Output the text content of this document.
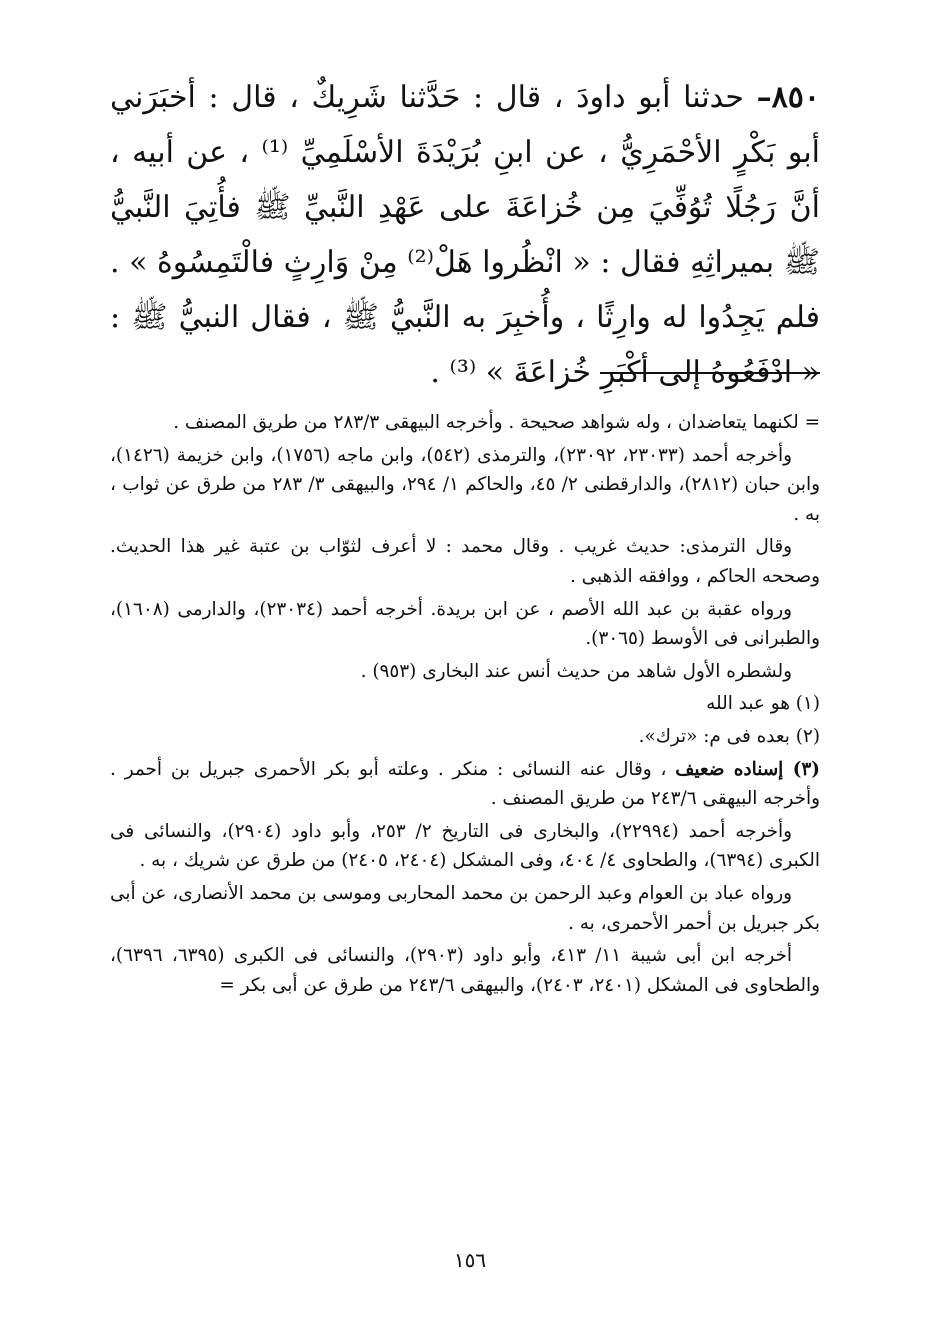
٨٥٠– حدثنا أبو داودَ ، قال : حَدَّثنا شَرِيكٌ ، قال : أخبَرَني أبو بَكْرٍ الأحْمَرِيُّ ، عن ابنِ بُرَيْدَةَ الأسْلَمِيِّ ⁽¹⁾ ، عن أبيه ، أنَّ رَجُلًا تُوُفِّيَ مِن خُزاعَةَ على عَهْدِ النَّبيِّ ﷺ فأُتِيَ النَّبيُّ ﷺ بميراثِهِ فقال : « انْظُروا هَلْ⁽²⁾ مِنْ وَارِثٍ فالْتَمِسُوهُ » . فلم يَجِدُوا له وارِثًا ، وأُخبِرَ به النَّبيُّ ﷺ ، فقال النبيُّ ﷺ : « ادْفَعُوهُ إلى أكْبَرِ خُزاعَةَ » ⁽³⁾ .

= لكنهما يتعاضدان ، وله شواهد صحيحة . وأخرجه البيهقى ٢٨٣/٣ من طريق المصنف .

وأخرجه أحمد (٢٣٠٣٣، ٢٣٠٩٢)، والترمذى (٥٤٢)، وابن ماجه (١٧٥٦)، وابن خزيمة (١٤٢٦)، وابن حبان (٢٨١٢)، والدارقطنى ٢/ ٤٥، والحاكم ١/ ٢٩٤، والبيهقى ٣/ ٢٨٣ من طرق عن ثواب ، به .

وقال الترمذى: حديث غريب . وقال محمد : لا أعرف لثوّاب بن عتبة غير هذا الحديث. وصححه الحاكم ، ووافقه الذهبى .

ورواه عقبة بن عبد الله الأصم ، عن ابن بريدة. أخرجه أحمد (٢٣٠٣٤)، والدارمى (١٦٠٨)، والطبرانى فى الأوسط (٣٠٦٥).

ولشطره الأول شاهد من حديث أنس عند البخارى (٩٥٣) .

(١) هو عبد الله

(٢) بعده فى م: «ترك».

(٣) إسناده ضعيف ، وقال عنه النسائى : منكر . وعلته أبو بكر الأحمرى جبريل بن أحمر . وأخرجه البيهقى ٢٤٣/٦ من طريق المصنف .

وأخرجه أحمد (٢٢٩٩٤)، والبخارى فى التاريخ ٢/ ٢٥٣، وأبو داود (٢٩٠٤)، والنسائى فى الكبرى (٦٣٩٤)، والطحاوى ٤/ ٤٠٤، وفى المشكل (٢٤٠٤، ٢٤٠٥) من طرق عن شريك ، به .

ورواه عباد بن العوام وعبد الرحمن بن محمد المحاربى وموسى بن محمد الأنصارى، عن أبى بكر جبريل بن أحمر الأحمرى، به .

أخرجه ابن أبى شيبة ١١/ ٤١٣، وأبو داود (٢٩٠٣)، والنسائى فى الكبرى (٦٣٩٥، ٦٣٩٦)، والطحاوى فى المشكل (٢٤٠١، ٢٤٠٣)، والبيهقى ٢٤٣/٦ من طرق عن أبى بكر =

١٥٦
